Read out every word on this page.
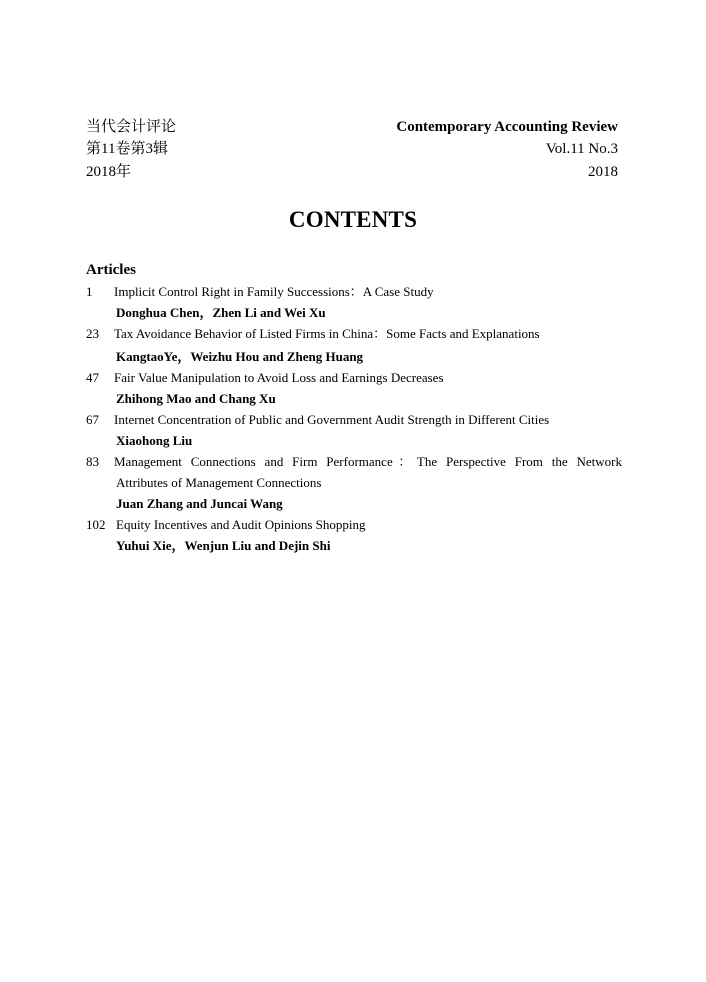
当代会计评论	Contemporary Accounting Review
第11卷第3辑	Vol.11 No.3
2018年	2018
CONTENTS
Articles
1 Implicit Control Right in Family Successions：A Case Study
Donghua Chen，Zhen Li and Wei Xu
23 Tax Avoidance Behavior of Listed Firms in China：Some Facts and Explanations
KangtaoYe，Weizhu Hou and Zheng Huang
47 Fair Value Manipulation to Avoid Loss and Earnings Decreases
Zhihong Mao and Chang Xu
67 Internet Concentration of Public and Government Audit Strength in Different Cities
Xiaohong Liu
83 Management Connections and Firm Performance：The Perspective From the Network
Attributes of Management Connections
Juan Zhang and Juncai Wang
102 Equity Incentives and Audit Opinions Shopping
Yuhui Xie，Wenjun Liu and Dejin Shi
